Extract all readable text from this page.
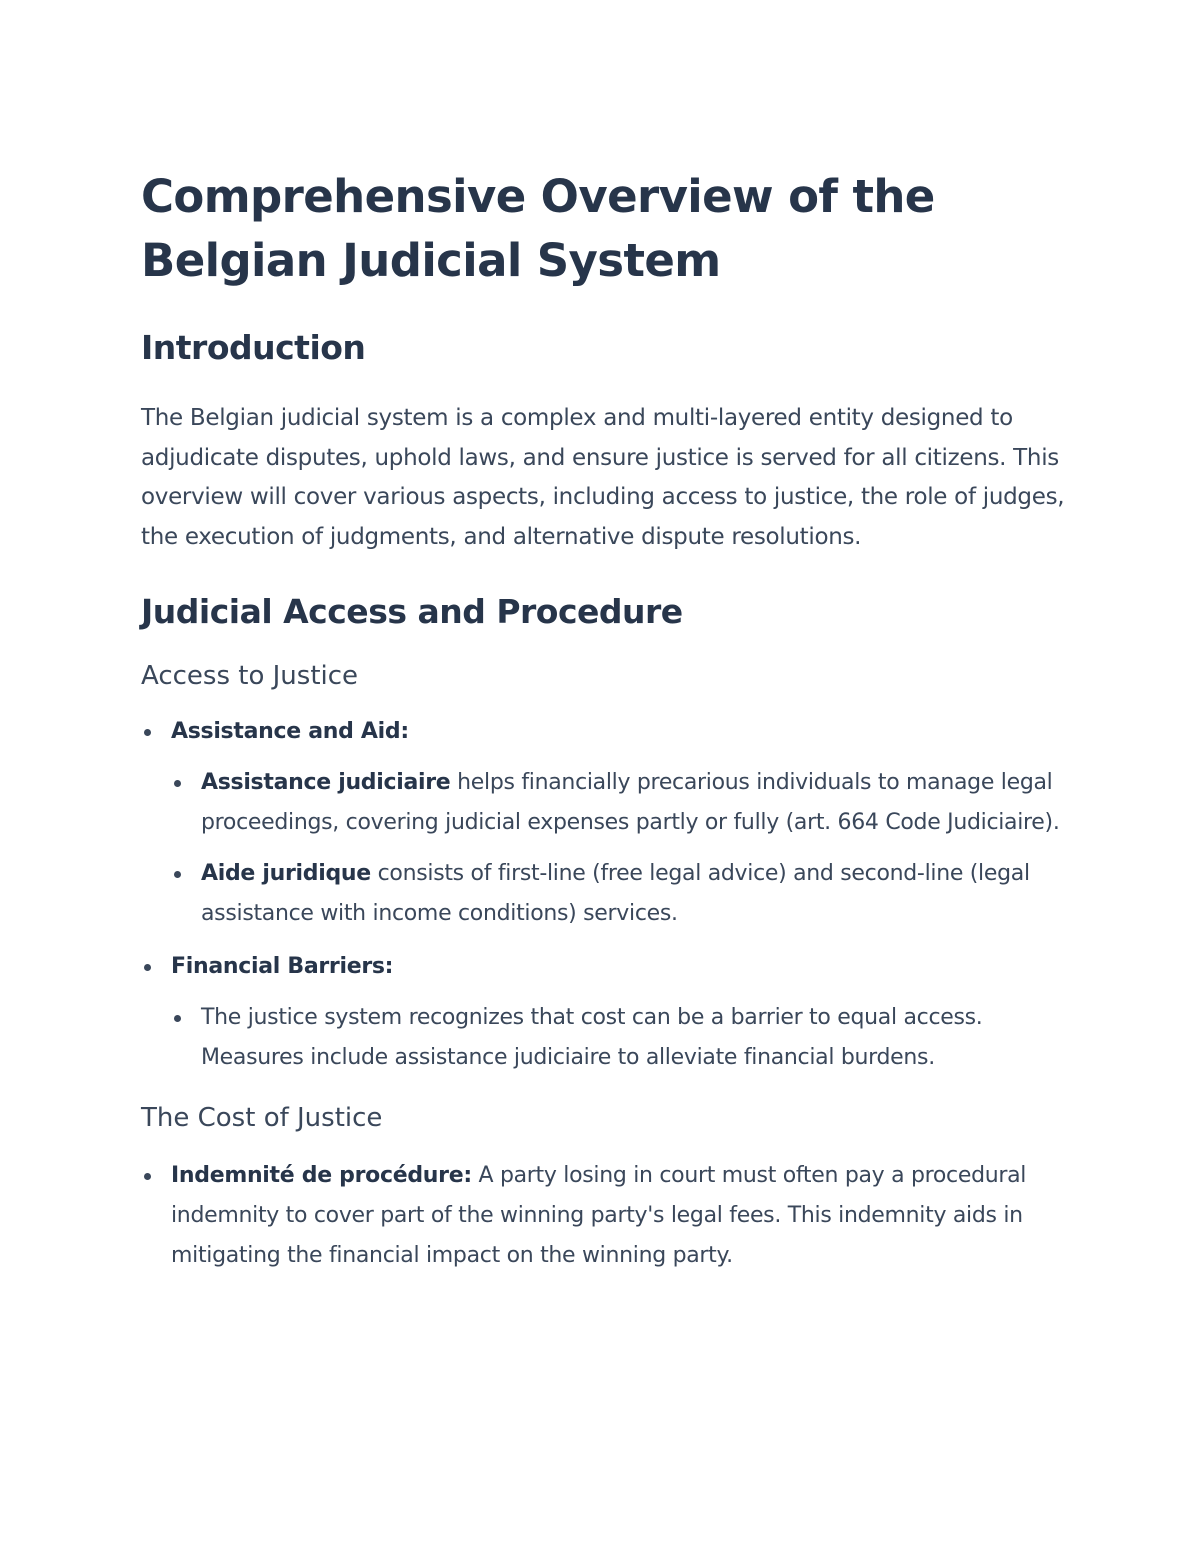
Comprehensive Overview of the Belgian Judicial System
Introduction

The Belgian judicial system is a complex and multi-layered entity designed to adjudicate disputes, uphold laws, and ensure justice is served for all citizens. This overview will cover various aspects, including access to justice, the role of judges, the execution of judgments, and alternative dispute resolutions.

Judicial Access and Procedure
Access to Justice
Assistance and Aid:
Assistance judiciaire helps financially precarious individuals to manage legal proceedings, covering judicial expenses partly or fully (art. 664 Code Judiciaire).
Aide juridique consists of first-line (free legal advice) and second-line (legal assistance with income conditions) services.
Financial Barriers:
The justice system recognizes that cost can be a barrier to equal access. Measures include assistance judiciaire to alleviate financial burdens.
The Cost of Justice
Indemnité de procédure: A party losing in court must often pay a procedural indemnity to cover part of the winning party's legal fees. This indemnity aids in mitigating the financial impact on the winning party.
